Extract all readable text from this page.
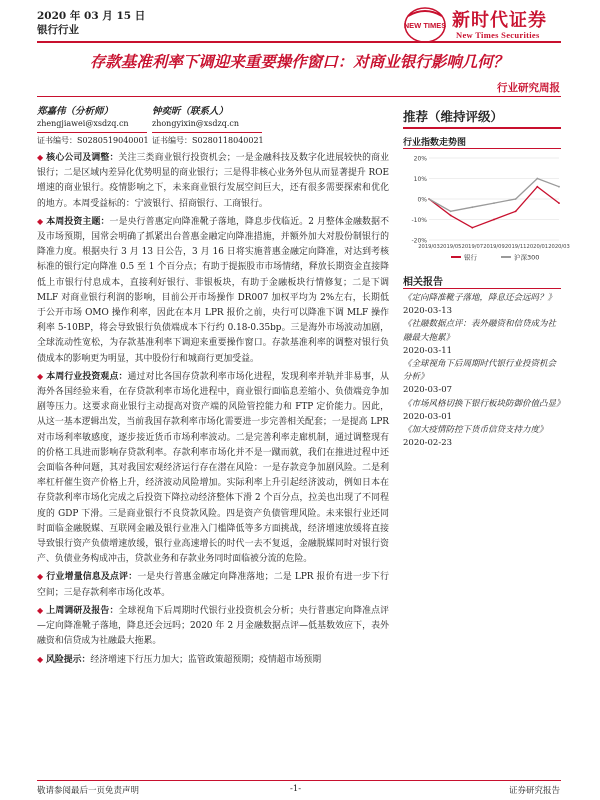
2020 年 03 月 15 日
银行行业	NEW TIMES 新时代证券
New Times Securities
存款基准利率下调迎来重要操作窗口：对商业银行影响几何？
行业研究周报
郑嘉伟（分析师）
zhengjiawei@xsdzq.cn
证书编号：S0280519040001
钟奕昕（联系人）
zhongyixin@xsdzq.cn
证书编号：S0280118040021
推荐（维持评级）
行业指数走势图
20%
10%
0%
-10%
-20%
2019/03 2019/05 2019/07 2019/09 2019/11 2020/01 2020/03
银行	沪深300
相关报告
《定向降准靴子落地，降息还会远吗？》
2020-03-13
《社融数据点评：表外融资和信贷成为社融最大拖累》
2020-03-11
《全球视角下后周期时代银行业投资机会分析》
2020-03-07
《市场风格切换下银行板块防御价值凸显》
2020-03-01
《加大疫情防控下货币信贷支持力度》
2020-02-23
◆ 核心公司及调整：关注三类商业银行投资机会；一是金融科技及数字化进展较快的商业银行；二是区域内差异化优势明显的商业银行；三是得非核心业务外包从而显著提升 ROE 增速的商业银行。疫情影响之下，未来商业银行发展空间巨大，还有很多需要探索和优化的地方。本周受益标的：宁波银行、招商银行、工商银行。
◆ 本周投资主题：一是央行普惠定向降准靴子落地，降息步伐临近。2 月整体金融数据不及市场预期，国常会明确了抓紧出台普惠金融定向降准措施，并额外加大对股份制银行的降准力度。根据央行 3 月 13 日公告，3 月 16 日将实施普惠金融定向降准，对达到考核标准的银行定向降准 0.5 至 1 个百分点；有助于提振股市市场情绪，释放长期资金直接降低上市银行付息成本，直接利好银行、非银板块，有助于金融板块行情修复；二是下调 MLF 对商业银行利润的影响，目前公开市场操作 DR007 加权平均为 2%左右，长期低于公开市场 OMO 操作利率，因此在本月 LPR 报价之前，央行可以降准下调 MLF 操作利率 5-10BP，将会导致银行负债端成本下行约 0.18-0.35bp。三是海外市场波动加剧，全球流动性宽松，为存款基准利率下调迎来重要操作窗口。存款基准利率的调整对银行负债成本的影响更为明显，其中股份行和城商行更加受益。
◆ 本周行业投资观点：通过对比各国存贷款利率市场化进程，发现利率并轨并非易事，从海外各国经验来看，在存贷款利率市场化进程中，商业银行面临息差缩小、负债端竞争加剧等压力。这要求商业银行主动提高对资产端的风险管控能力和 FTP 定价能力。因此，从这一基本逻辑出发，当前我国存款利率市场化需要进一步完善相关配套；一是提高 LPR 对市场利率敏感度，逐步接近货币市场利率波动。二是完善利率走廊机制，通过调整现有的价格工具进而影响存贷款利率。存款利率市场化并不是一蹴而就，我们在推进过程中还会面临各种问题，其对我国宏观经济运行存在潜在风险：一是存款竞争加剧风险。二是利率杠杆催生资产价格上升，经济波动风险增加。实际利率上升引起经济波动，例如日本在存贷款利率市场化完成之后投资下降拉动经济整体下滑 2 个百分点，拉美也出现了不同程度的 GDP 下滑。三是商业银行不良贷款风险。四是资产负债管理风险。未来银行业还同时面临金融脱媒、互联网金融及银行业准入门槛降低等多方面挑战，经济增速放缓将直接导致银行资产负债增速放缓，银行业高速增长的时代一去不复返，金融脱媒同时对银行资产、负债业务构成冲击，贷款业务和存款业务同时面临被分流的危险。
◆ 行业增量信息及点评：一是央行普惠金融定向降准落地；二是 LPR 报价有进一步下行空间；三是存款利率市场化改革。
◆ 上周调研及报告：全球视角下后周期时代银行业投资机会分析；央行普惠定向降准点评—定向降准靴子落地，降息还会远吗；2020 年 2 月金融数据点评—低基数效应下，表外融资和信贷成为社融最大拖累。
◆ 风险提示：经济增速下行压力加大；监管政策超预期；疫情超市场预期
敬请参阅最后一页免责声明	-1-	证券研究报告
